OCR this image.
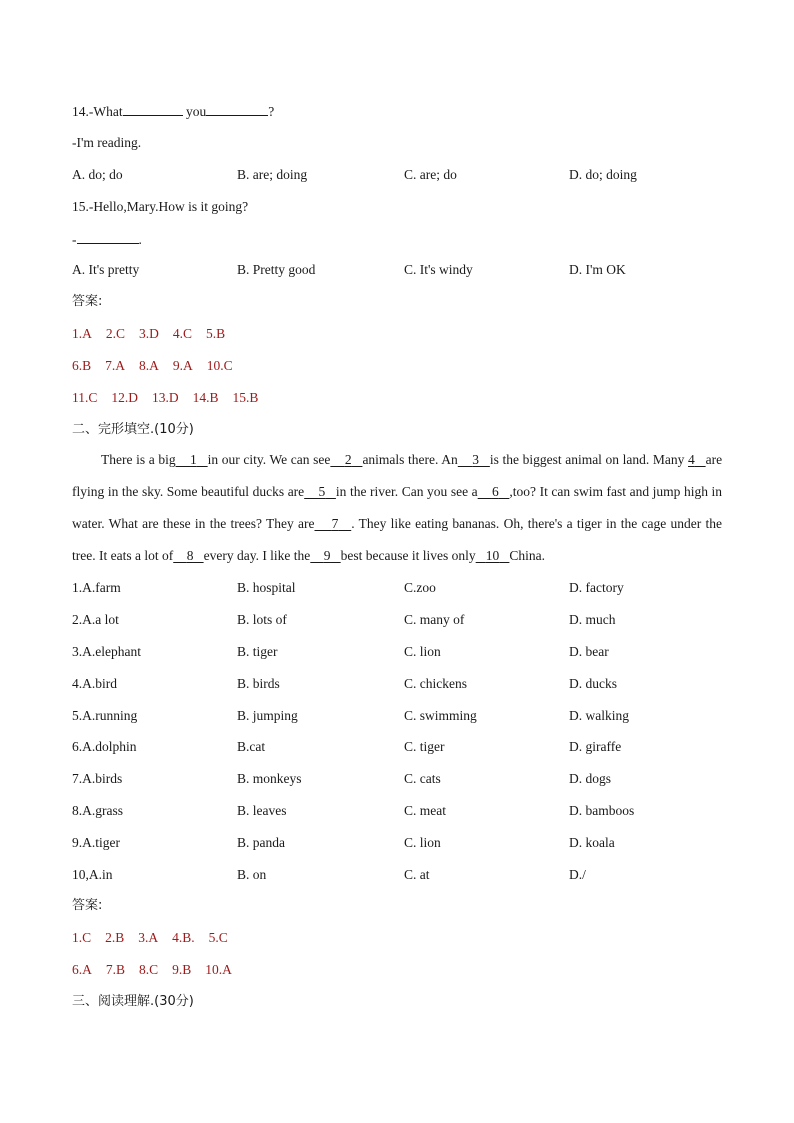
14.-What	you	?
-I'm reading.
A. do; do	B. are; doing	C. are; do	D. do; doing
15.-Hello,Mary.How is it going?
-	.
A. It's pretty	B. Pretty good	C. It's windy	D. I'm OK
答案:
1.A 2.C 3.D 4.C 5.B
6.B 7.A 8.A 9.A 10.C
11.C 12.D 13.D 14.B 15.B
二、完形填空.(10分)
There is a big 1 in our city. We can see 2 animals there. An 3 is the biggest animal on land. Many 4 are flying in the sky. Some beautiful ducks are 5 in the river. Can you see a 6 ,too? It can swim fast and jump high in water. What are these in the trees? They are 7 . They like eating bananas. Oh, there's a tiger in the cage under the tree. It eats a lot of 8 every day. I like the 9 best because it lives only 10 China.
1.A.farm	B. hospital	C.zoo	D. factory
2.A.a lot	B. lots of	C. many of	D. much
3.A.elephant	B. tiger	C. lion	D. bear
4.A.bird	B. birds	C. chickens	D. ducks
5.A.running	B. jumping	C. swimming	D. walking
6.A.dolphin	B.cat	C. tiger	D. giraffe
7.A.birds	B. monkeys	C. cats	D. dogs
8.A.grass	B. leaves	C. meat	D. bamboos
9.A.tiger	B. panda	C. lion	D. koala
10,A.in	B. on	C. at	D./
答案:
1.C 2.B 3.A 4.B. 5.C
6.A 7.B 8.C 9.B 10.A
三、阅读理解.(30分)
